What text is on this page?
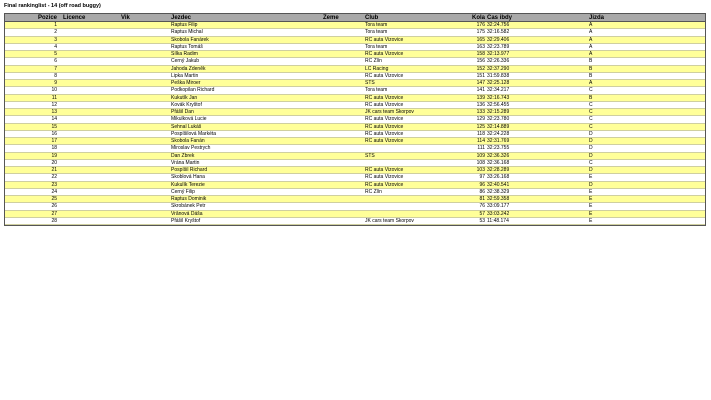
Final rankinglist - 14 (off road buggy)
Pozice Licence	Vik	Jezdec	Zeme	Club	Kola Cas ibdy	Jizda
1	Raptus Filip	Tora team	176 32:24.756	A
2	Raptus Michal	Tora team	175 32:16.582	A
3	Skobola Fanárek	RC auta Vizovice	165 32:29.406	A
4	Raptus Tomáš	Tora team	163 32:23.789	A
5	Sílka Radim	RC auta Vizovice	158 32:13.977	A
6	Černý Jakub	RC Zlín	156 32:26.336	B
7	Jahoda Zdeněk	LC Racing	152 32:37.290	B
8	Lipka Martin	RC auta Vizovice	151 31:59.838	B
9	Peška Miroer	STS	147 32:25.128	A
10	Podkopilan Richard	Tora team	141 32:34.217	C
11	Kukutík Jan	RC auta Vizovice	139 32:16.743	B
12	Kovák Kryštof	RC auta Vizovice	136 32:56.455	C
13	Pfášil Dan	JK cars team Skorpov	133 32:15.289	C
14	Mikulková Lucie	RC auta Vizovice	129 32:23.780	C
15	Sehnal Lukáš	RC auta Vizovice	125 32:14.889	C
16	Pospíšilová Markéta	RC auta Vizovice	118 32:24.228	D
17	Skobola Fanán	RC auta Vizovice	114 32:31.769	D
18	Miroslav Pestrych	111 32:23.755	D
19	Dan Zbrek	STS	109 32:36.326	D
20	Vrána Martin	108 32:36.168	C
21	Pospíšil Richard	RC auta Vizovice	103 32:28.289	D
22	Skoblová Hana	RC auta Vizovice	97 33:26.168	E
23	Kukulík Terezie	RC auta Vizovice	96 32:40.541	D
24	Černý Filip	RC Zlín	86 32:38.329	E
25	Raptus Dominik	81 32:59.358	E
26	Skrobánek Petr	76 33:09.177	E
27	Vrânová Dáša	57 33:03.242	E
28	Pfášil Kryštof	JK cars team Skorpov	53 11:48.174	E
